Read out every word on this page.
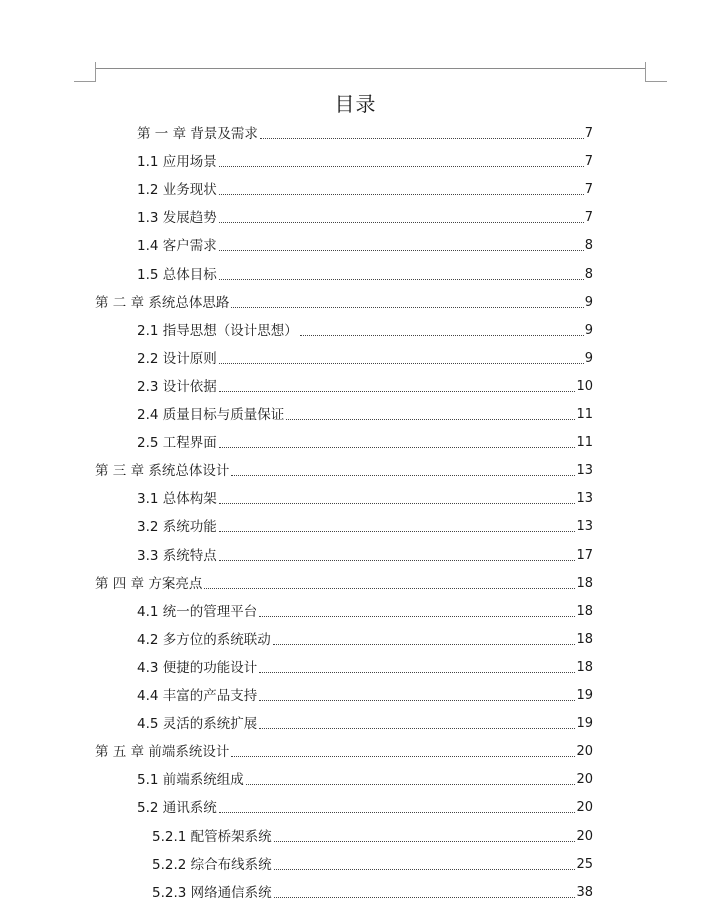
目录
第 一 章 背景及需求	7
1.1 应用场景	7
1.2 业务现状	7
1.3 发展趋势	7
1.4 客户需求	8
1.5 总体目标	8
第 二 章 系统总体思路	9
2.1 指导思想（设计思想）	9
2.2 设计原则	9
2.3 设计依据	10
2.4 质量目标与质量保证	11
2.5 工程界面	11
第 三 章 系统总体设计	13
3.1 总体构架	13
3.2 系统功能	13
3.3 系统特点	17
第 四 章 方案亮点	18
4.1 统一的管理平台	18
4.2 多方位的系统联动	18
4.3 便捷的功能设计	18
4.4 丰富的产品支持	19
4.5 灵活的系统扩展	19
第 五 章 前端系统设计	20
5.1 前端系统组成	20
5.2 通讯系统	20
5.2.1 配管桥架系统	20
5.2.2 综合布线系统	25
5.2.3 网络通信系统	38
